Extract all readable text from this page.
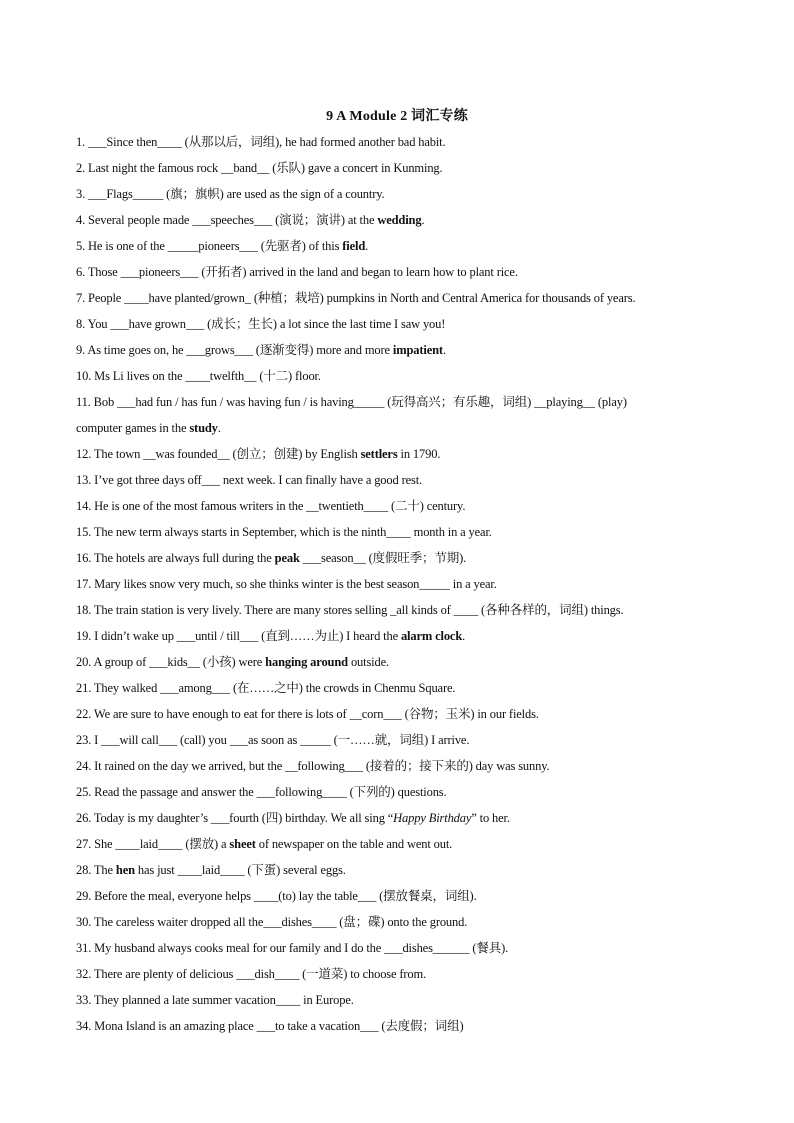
9 A Module 2 词汇专练
1. ___Since then____ (从那以后，词组), he had formed another bad habit.
2. Last night the famous rock __band__ (乐队) gave a concert in Kunming.
3. ___Flags_____ (旗；旗帜) are used as the sign of a country.
4. Several people made ___speeches___ (演说；演讲) at the wedding.
5. He is one of the _____pioneers___ (先驱者) of this field.
6. Those ___pioneers___ (开拓者) arrived in the land and began to learn how to plant rice.
7. People ____have planted/grown_ (种植；栽培) pumpkins in North and Central America for thousands of years.
8. You ___have grown___ (成长；生长) a lot since the last time I saw you!
9. As time goes on, he ___grows___ (逐渐变得) more and more impatient.
10. Ms Li lives on the ____twelfth__ (十二) floor.
11. Bob ___had fun / has fun / was having fun / is having_____ (玩得高兴；有乐趣，词组) __playing__ (play)
computer games in the study.
12. The town __was founded__ (创立；创建) by English settlers in 1790.
13. I’ve got three days off___ next week. I can finally have a good rest.
14. He is one of the most famous writers in the __twentieth____ (二十) century.
15. The new term always starts in September, which is the ninth____ month in a year.
16. The hotels are always full during the peak ___season__ (度假旺季；节期).
17. Mary likes snow very much, so she thinks winter is the best season_____ in a year.
18. The train station is very lively. There are many stores selling _all kinds of ____ (各种各样的，词组) things.
19. I didn’t wake up ___until / till___ (直到……为止) I heard the alarm clock.
20. A group of ___kids__ (小孩) were hanging around outside.
21. They walked ___among___ (在……之中) the crowds in Chenmu Square.
22. We are sure to have enough to eat for there is lots of __corn___ (谷物；玉米) in our fields.
23. I ___will call___ (call) you ___as soon as _____ (一……就，词组) I arrive.
24. It rained on the day we arrived, but the __following___ (接着的；接下来的) day was sunny.
25. Read the passage and answer the ___following____ (下列的) questions.
26. Today is my daughter’s ___fourth (四) birthday. We all sing “Happy Birthday” to her.
27. She ____laid____ (摆放) a sheet of newspaper on the table and went out.
28. The hen has just ____laid____ (下蛋) several eggs.
29. Before the meal, everyone helps ____(to) lay the table___ (摆放餐桌，词组).
30. The careless waiter dropped all the___dishes____ (盘；碟) onto the ground.
31. My husband always cooks meal for our family and I do the ___dishes______ (餐具).
32. There are plenty of delicious ___dish____ (一道菜) to choose from.
33. They planned a late summer vacation____ in Europe.
34. Mona Island is an amazing place ___to take a vacation___ (去度假；词组)
